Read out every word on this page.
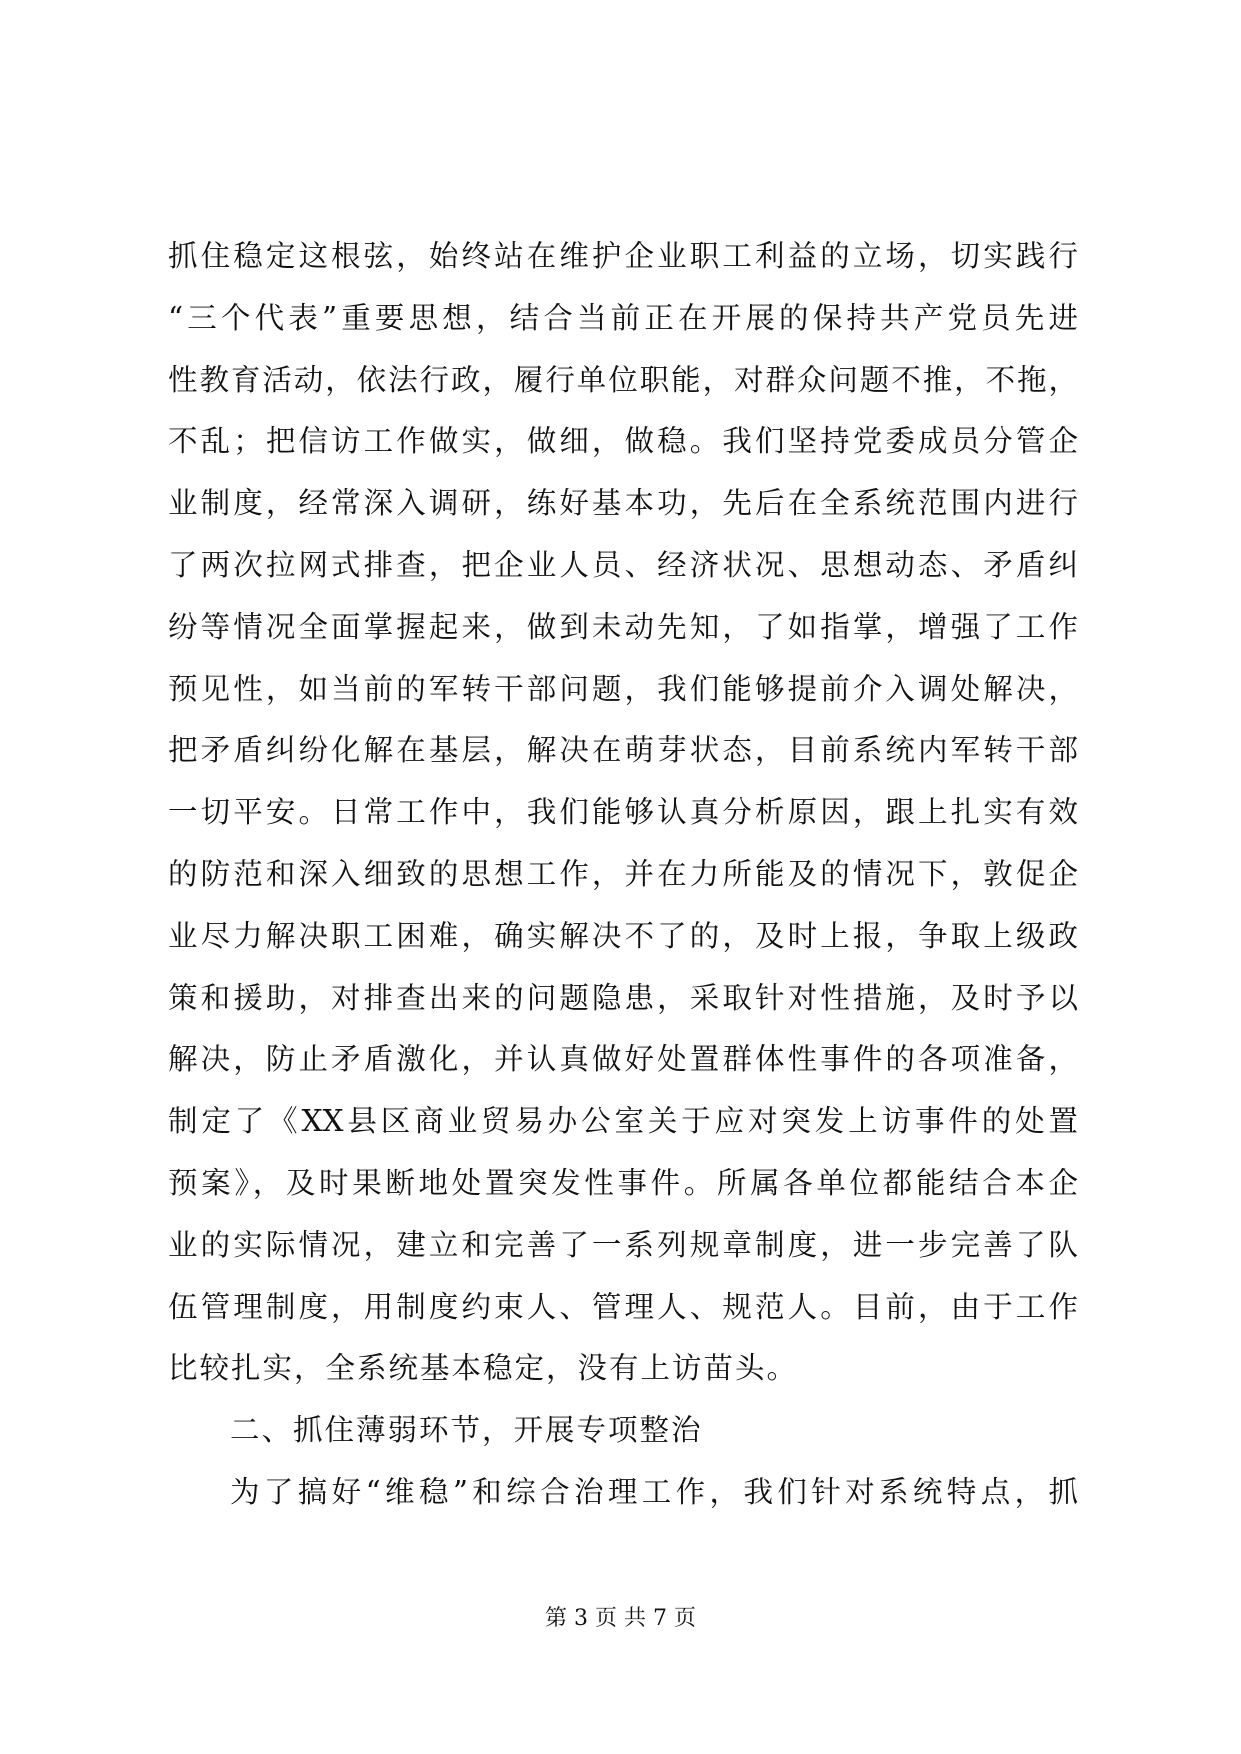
抓住稳定这根弦，始终站在维护企业职工利益的立场，切实践行
“三个代表”重要思想，结合当前正在开展的保持共产党员先进
性教育活动，依法行政，履行单位职能，对群众问题不推，不拖，
不乱；把信访工作做实，做细，做稳。我们坚持党委成员分管企
业制度，经常深入调研，练好基本功，先后在全系统范围内进行
了两次拉网式排查，把企业人员、经济状况、思想动态、矛盾纠
纷等情况全面掌握起来，做到未动先知，了如指掌，增强了工作
预见性，如当前的军转干部问题，我们能够提前介入调处解决，
把矛盾纠纷化解在基层，解决在萌芽状态，目前系统内军转干部
一切平安。日常工作中，我们能够认真分析原因，跟上扎实有效
的防范和深入细致的思想工作，并在力所能及的情况下，敦促企
业尽力解决职工困难，确实解决不了的，及时上报，争取上级政
策和援助，对排查出来的问题隐患，采取针对性措施，及时予以
解决，防止矛盾激化，并认真做好处置群体性事件的各项准备，
制定了《XX县区商业贸易办公室关于应对突发上访事件的处置
预案》，及时果断地处置突发性事件。所属各单位都能结合本企
业的实际情况，建立和完善了一系列规章制度，进一步完善了队
伍管理制度，用制度约束人、管理人、规范人。目前，由于工作
比较扎实，全系统基本稳定，没有上访苗头。
二、抓住薄弱环节，开展专项整治
为了搞好“维稳”和综合治理工作，我们针对系统特点，抓
第 3 页 共 7 页
